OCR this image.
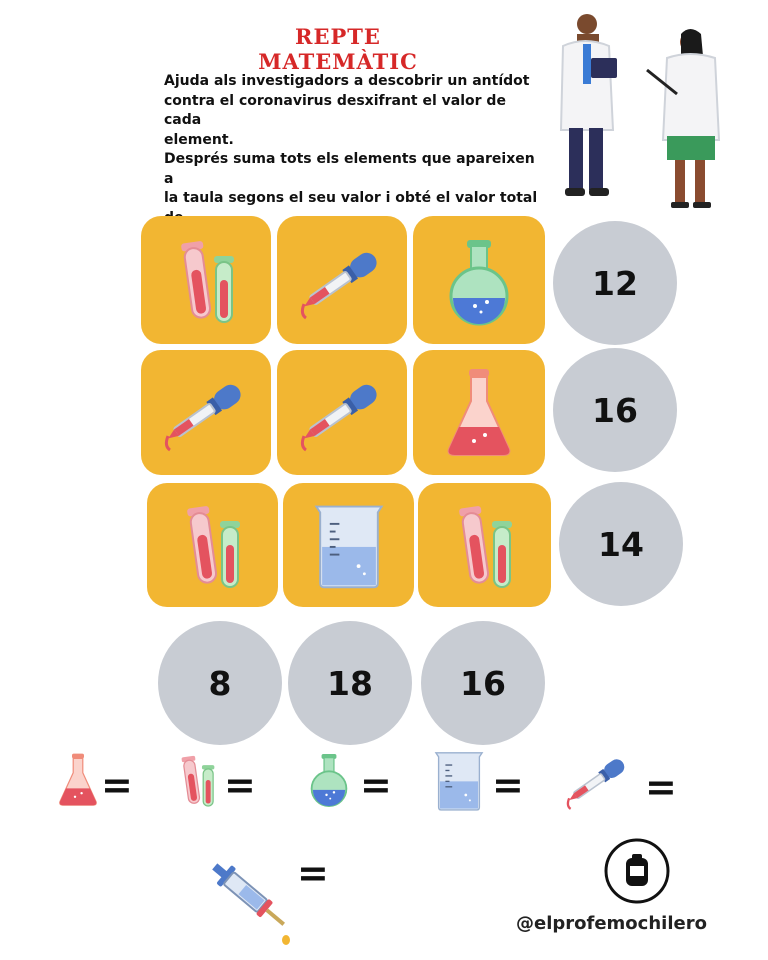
REPTE MATEMÀTIC
Ajuda als investigadors a descobrir un antídot
contra el coronavirus desxifrant el valor de cada
element.
Després suma tots els elements que apareixen a
la taula segons el seu valor i obté el valor total
12
16
14
8	18	16
= =	=	=	=
=
@elprofemochilero
